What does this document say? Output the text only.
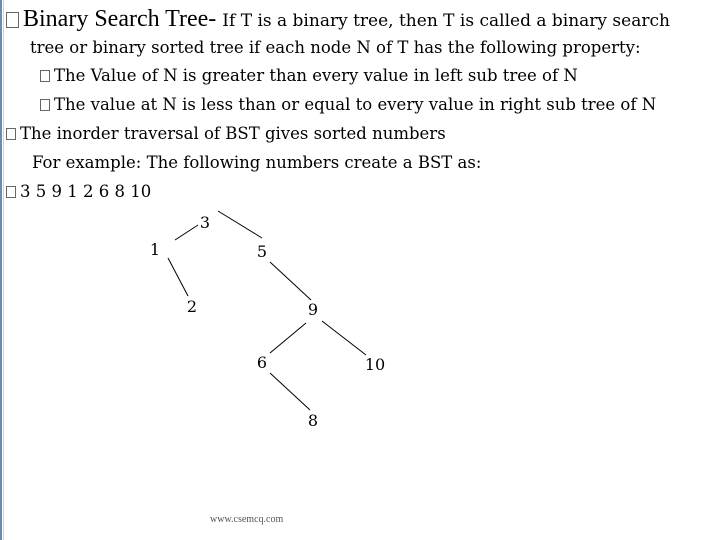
Binary Search Tree- If T is a binary tree, then T is called a binary search
tree or binary sorted tree if each node N of T has the following property:
The Value of N is greater than every value in left sub tree of N
The value at N is less than or equal to every value in right sub tree of N
The inorder traversal of BST gives sorted numbers
For example: The following numbers create a BST as:
3 5 9 1 2 6 8 10
3
1	5
2	9
6	10
8
www.csemcq.com
